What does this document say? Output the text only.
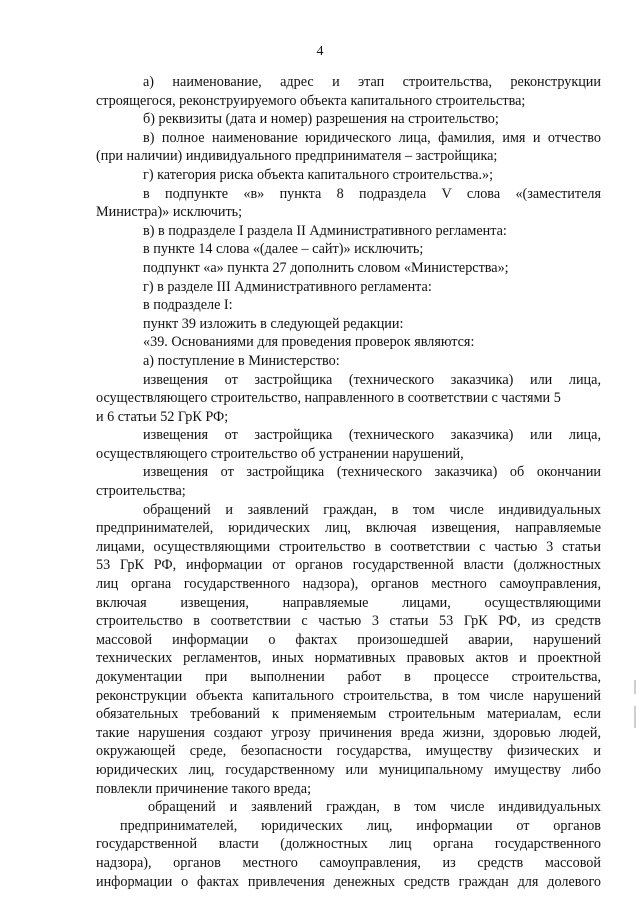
4
а) наименование, адрес и этап строительства, реконструкции
строящегося, реконструируемого объекта капитального строительства;
б) реквизиты (дата и номер) разрешения на строительство;
в) полное наименование юридического лица, фамилия, имя и отчество
(при наличии) индивидуального предпринимателя – застройщика;
г) категория риска объекта капитального строительства.»;
в подпункте «в» пункта 8 подраздела V слова «(заместителя
Министра)» исключить;
в) в подразделе I раздела II Административного регламента:
в пункте 14 слова «(далее – сайт)» исключить;
подпункт «а» пункта 27 дополнить словом «Министерства»;
г) в разделе III Административного регламента:
в подразделе I:
пункт 39 изложить в следующей редакции:
«39. Основаниями для проведения проверок являются:
а) поступление в Министерство:
извещения от застройщика (технического заказчика) или лица,
осуществляющего строительство, направленного в соответствии с частями 5
и 6 статьи 52 ГрК РФ;
извещения от застройщика (технического заказчика) или лица,
осуществляющего строительство об устранении нарушений,
извещения от застройщика (технического заказчика) об окончании
строительства;
обращений и заявлений граждан, в том числе индивидуальных
предпринимателей, юридических лиц, включая извещения, направляемые
лицами, осуществляющими строительство в соответствии с частью 3 статьи
53 ГрК РФ, информации от органов государственной власти (должностных
лиц органа государственного надзора), органов местного самоуправления,
включая извещения, направляемые лицами, осуществляющими
строительство в соответствии с частью 3 статьи 53 ГрК РФ, из средств
массовой информации о фактах произошедшей аварии, нарушений
технических регламентов, иных нормативных правовых актов и проектной
документации при выполнении работ в процессе строительства,
реконструкции объекта капитального строительства, в том числе нарушений
обязательных требований к применяемым строительным материалам, если
такие нарушения создают угрозу причинения вреда жизни, здоровью людей,
окружающей среде, безопасности государства, имуществу физических и
юридических лиц, государственному или муниципальному имуществу либо
повлекли причинение такого вреда;
обращений и заявлений граждан, в том числе индивидуальных
предпринимателей, юридических лиц, информации от органов
государственной власти (должностных лиц органа государственного
надзора), органов местного самоуправления, из средств массовой
информации о фактах привлечения денежных средств граждан для долевого
